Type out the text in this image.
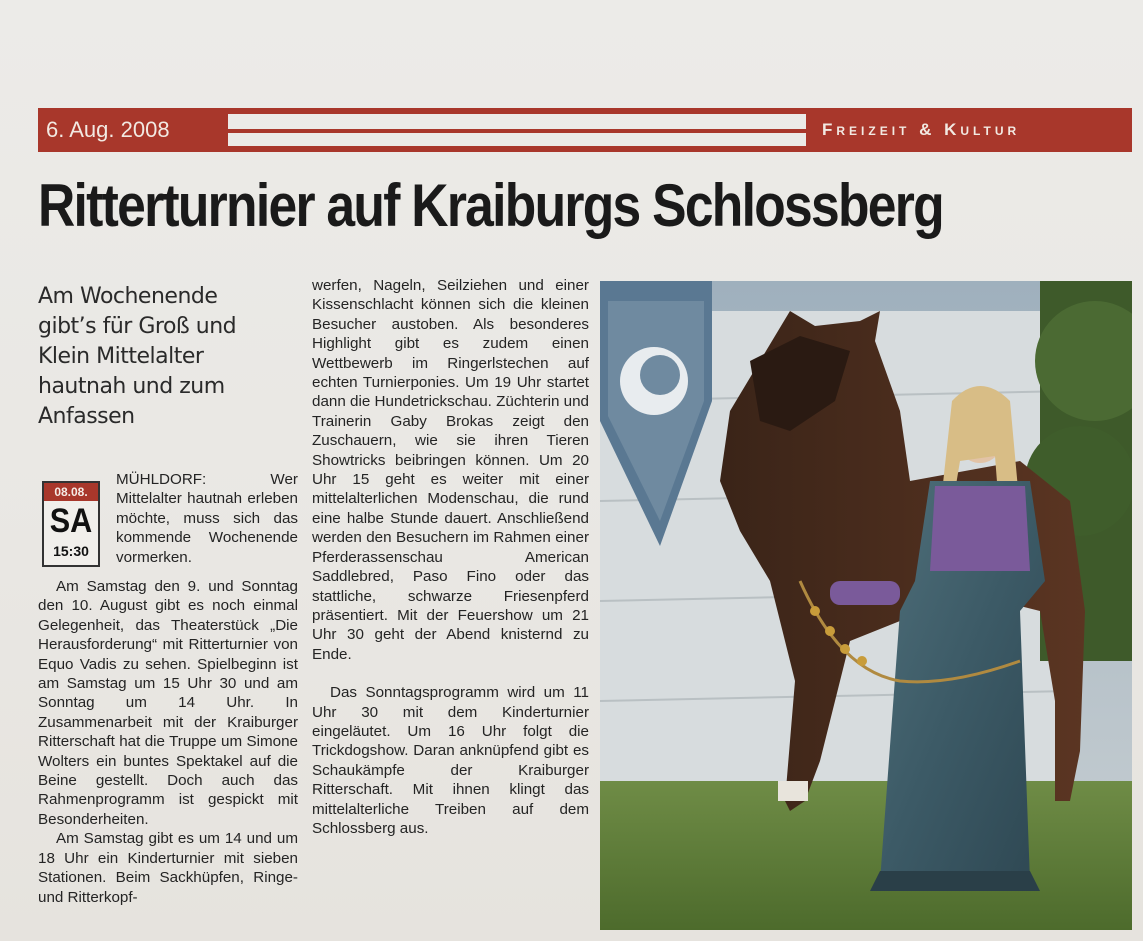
6. Aug. 2008	Freizeit & Kultur
Ritterturnier auf Kraiburgs Schlossberg
Am Wochenende gibt’s für Groß und Klein Mittelalter hautnah und zum Anfassen
08.08.
SA
15:30

MÜHLDORF: Wer Mittelalter hautnah erleben möchte, muss sich das kommende Wochenende vormerken.

Am Samstag den 9. und Sonntag den 10. August gibt es noch einmal Gelegenheit, das Theaterstück „Die Herausforderung“ mit Ritterturnier von Equo Vadis zu sehen. Spielbeginn ist am Samstag um 15 Uhr 30 und am Sonntag um 14 Uhr. In Zusammenarbeit mit der Kraiburger Ritterschaft hat die Truppe um Simone Wolters ein buntes Spektakel auf die Beine gestellt. Doch auch das Rahmenprogramm ist gespickt mit Besonderheiten.

Am Samstag gibt es um 14 und um 18 Uhr ein Kinderturnier mit sieben Stationen. Beim Sackhüpfen, Ringe- und Ritterkopf-

werfen, Nageln, Seilziehen und einer Kissenschlacht können sich die kleinen Besucher austoben. Als besonderes Highlight gibt es zudem einen Wettbewerb im Ringerlstechen auf echten Turnierponies. Um 19 Uhr startet dann die Hundetrickschau. Züchterin und Trainerin Gaby Brokas zeigt den Zuschauern, wie sie ihren Tieren Showtricks beibringen können. Um 20 Uhr 15 geht es weiter mit einer mittelalterlichen Modenschau, die rund eine halbe Stunde dauert. Anschließend werden den Besuchern im Rahmen einer Pferderassenschau American Saddlebred, Paso Fino oder das stattliche, schwarze Friesenpferd präsentiert. Mit der Feuershow um 21 Uhr 30 geht der Abend knisternd zu Ende.

Das Sonntagsprogramm wird um 11 Uhr 30 mit dem Kinderturnier eingeläutet. Um 16 Uhr folgt die Trickdogshow. Daran anknüpfend gibt es Schaukämpfe der Kraiburger Ritterschaft. Mit ihnen klingt das mittelalterliche Treiben auf dem Schlossberg aus.
